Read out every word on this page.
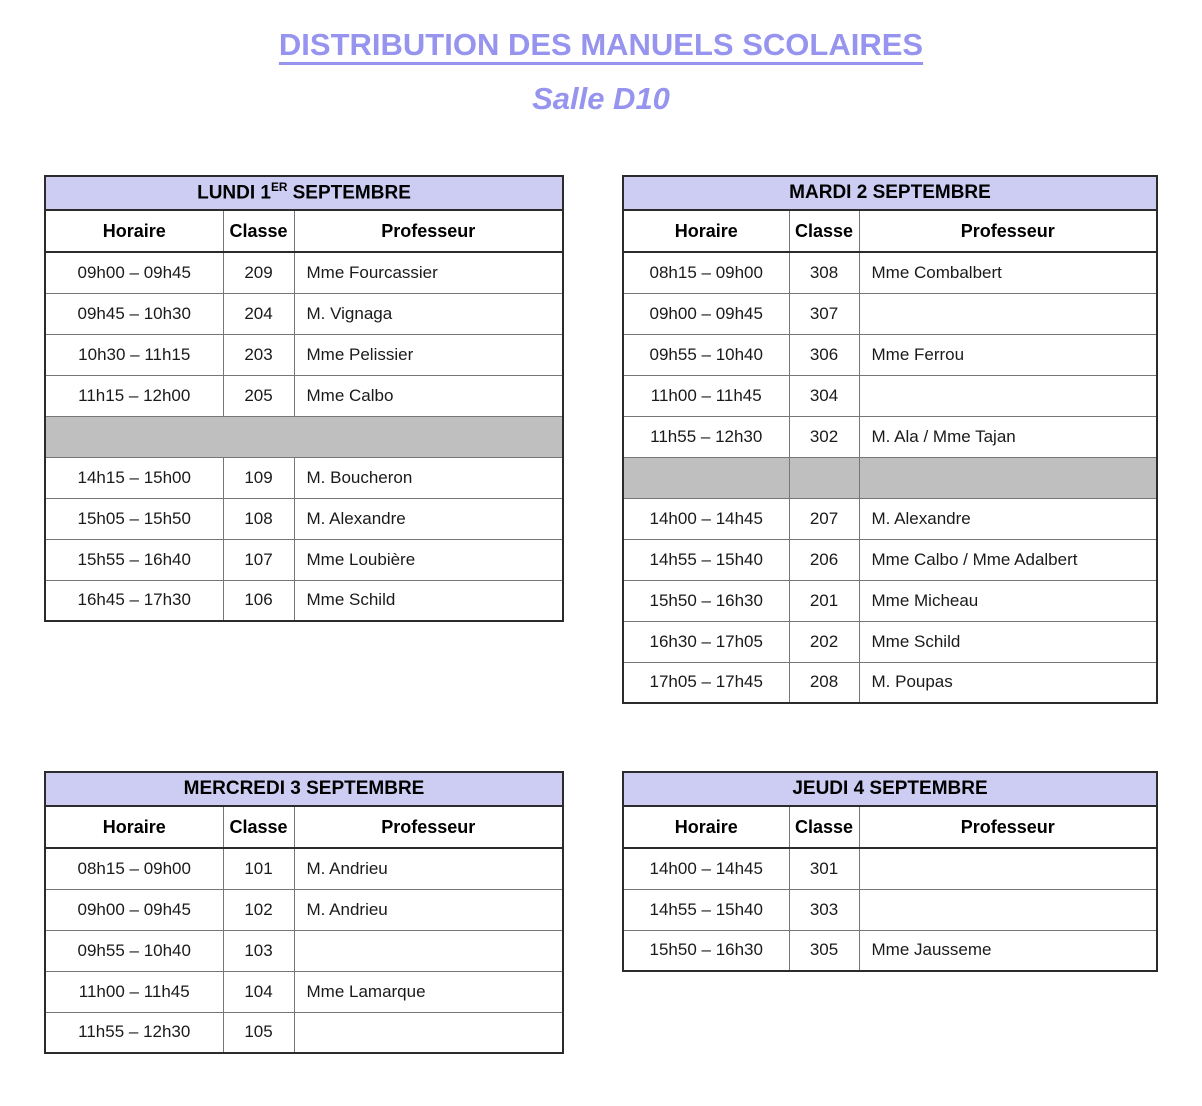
DISTRIBUTION DES MANUELS SCOLAIRES
Salle D10
LUNDI 1ER SEPTEMBRE		
Horaire	Classe	Professeur
09h00 – 09h45	209	Mme Fourcassier
09h45 – 10h30	204	M. Vignaga
10h30 – 11h15	203	Mme Pelissier
11h15 – 12h00	205	Mme Calbo

14h15 – 15h00	109	M. Boucheron
15h05 – 15h50	108	M. Alexandre
15h55 – 16h40	107	Mme Loubière
16h45 – 17h30	106	Mme Schild
MARDI 2 SEPTEMBRE		
Horaire	Classe	Professeur
08h15 – 09h00	308	Mme Combalbert
09h00 – 09h45	307	
09h55 – 10h40	306	Mme Ferrou
11h00 – 11h45	304	
11h55 – 12h30	302	M. Ala / Mme Tajan

14h00 – 14h45	207	M. Alexandre
14h55 – 15h40	206	Mme Calbo / Mme Adalbert
15h50 – 16h30	201	Mme Micheau
16h30 – 17h05	202	Mme Schild
17h05 – 17h45	208	M. Poupas
MERCREDI 3 SEPTEMBRE		
Horaire	Classe	Professeur
08h15 – 09h00	101	M. Andrieu
09h00 – 09h45	102	M. Andrieu
09h55 – 10h40	103	
11h00 – 11h45	104	Mme Lamarque
11h55 – 12h30	105	
JEUDI 4 SEPTEMBRE		
Horaire	Classe	Professeur
14h00 – 14h45	301	
14h55 – 15h40	303	
15h50 – 16h30	305	Mme Jausseme
